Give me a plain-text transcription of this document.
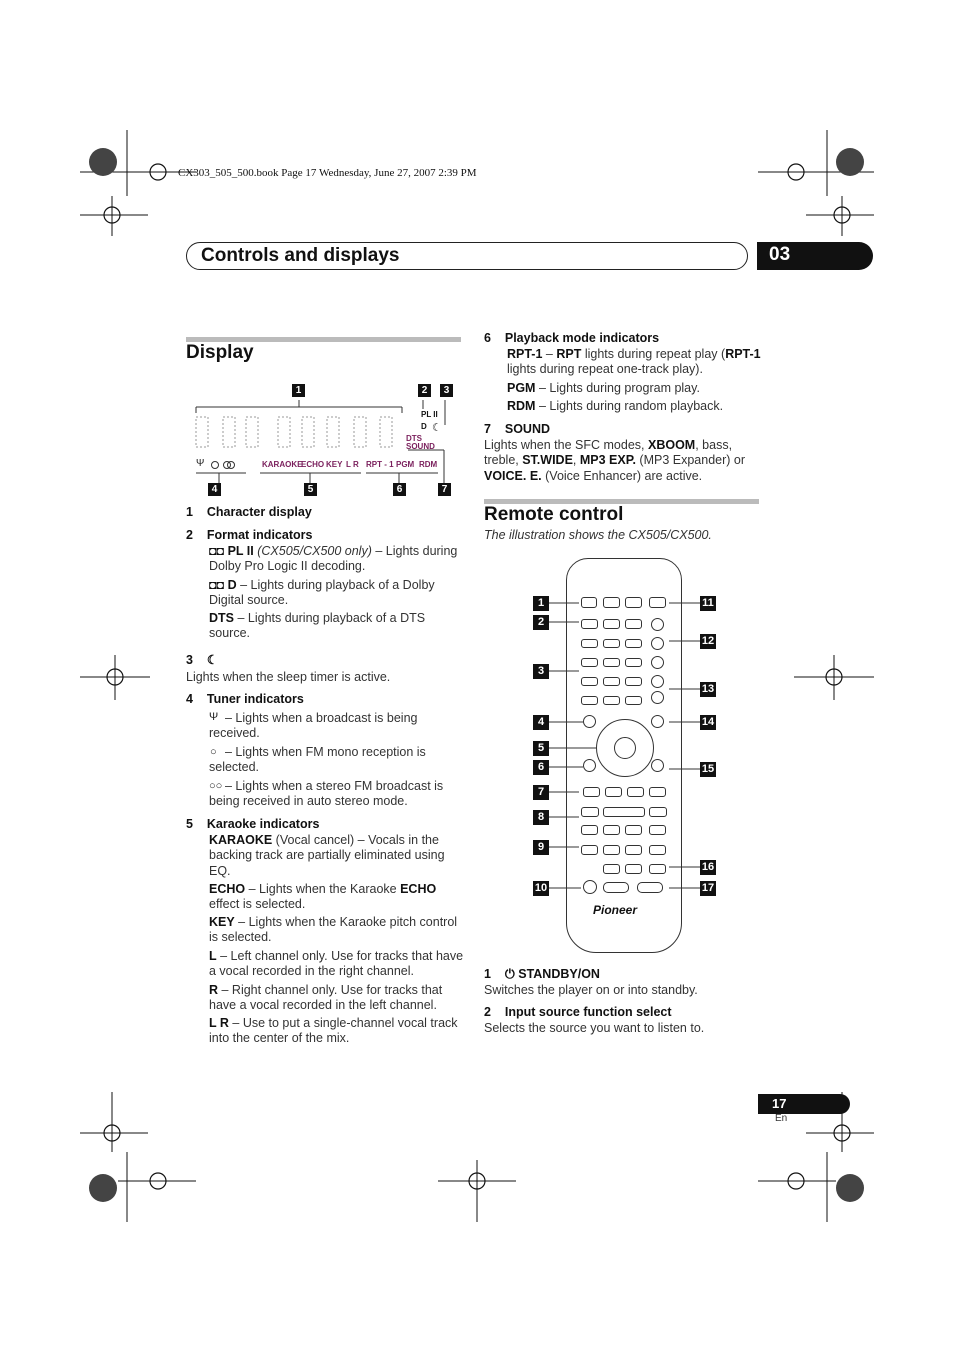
CX303_505_500.book Page 17 Wednesday, June 27, 2007 2:39 PM
Controls and displays	03
Display
1	2	3
KARAOKE
ECHO KEY L R RPT - 1 PGM RDM
PL II
D
DTS
SOUND
☾
Ψ
4	5	6	7
1 Character display
2 Format indicators
◘◘ PL II (CX505/CX500 only) – Lights during Dolby Pro Logic II decoding.
◘◘ D – Lights during playback of a Dolby Digital source.
DTS – Lights during playback of a DTS source.
3 ☾
Lights when the sleep timer is active.
4 Tuner indicators
– Lights when a broadcast is being received.
Ψ
– Lights when FM mono reception is selected.
○
– Lights when a stereo FM broadcast is being received in auto stereo mode.
○○
5 Karaoke indicators
KARAOKE (Vocal cancel) – Vocals in the backing track are partially eliminated using EQ.
ECHO – Lights when the Karaoke ECHO effect is selected.
KEY – Lights when the Karaoke pitch control is selected.
L – Left channel only. Use for tracks that have a vocal recorded in the right channel.
R – Right channel only. Use for tracks that have a vocal recorded in the left channel.
L R – Use to put a single-channel vocal track into the center of the mix.
6 Playback mode indicators
RPT-1 – RPT lights during repeat play (RPT-1 lights during repeat one-track play).
PGM – Lights during program play.
RDM – Lights during random playback.
7 SOUND
Lights when the SFC modes, XBOOM, bass, treble, ST.WIDE, MP3 EXP. (MP3 Expander) or VOICE. E. (Voice Enhancer) are active.
Remote control
The illustration shows the CX505/CX500.
Pioneer
1
2
3
4
5
6
7
8
9
10
11
12
13
14
15
16
17
1 ⏻ STANDBY/ON
Switches the player on or into standby.
2 Input source function select
Selects the source you want to listen to.
17
En
